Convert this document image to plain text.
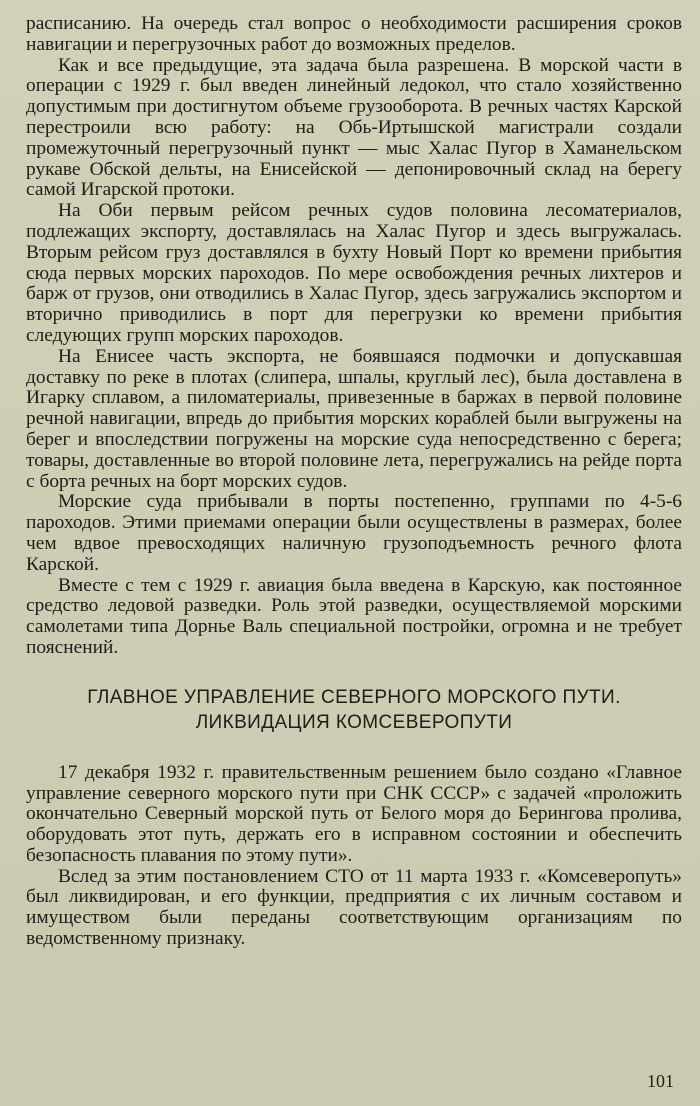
расписанию. На очередь стал вопрос о необходимости расширения сроков навигации и перегрузочных работ до возможных пределов.

Как и все предыдущие, эта задача была разрешена. В морской части в операции с 1929 г. был введен линейный ледокол, что стало хозяйственно допустимым при достигнутом объеме грузооборота. В речных частях Карской перестроили всю работу: на Обь-Иртышской магистрали создали промежуточный перегрузочный пункт — мыс Халас Пугор в Хаманельском рукаве Обской дельты, на Енисейской — депонировочный склад на берегу самой Игарской протоки.

На Оби первым рейсом речных судов половина лесоматериалов, подлежащих экспорту, доставлялась на Халас Пугор и здесь выгружалась. Вторым рейсом груз доставлялся в бухту Новый Порт ко времени прибытия сюда первых морских пароходов. По мере освобождения речных лихтеров и барж от грузов, они отводились в Халас Пугор, здесь загружались экспортом и вторично приводились в порт для перегрузки ко времени прибытия следующих групп морских пароходов.

На Енисее часть экспорта, не боявшаяся подмочки и допускавшая доставку по реке в плотах (слипера, шпалы, круглый лес), была доставлена в Игарку сплавом, а пиломатериалы, привезенные в баржах в первой половине речной навигации, впредь до прибытия морских кораблей были выгружены на берег и впоследствии погружены на морские суда непосредственно с берега; товары, доставленные во второй половине лета, перегружались на рейде порта с борта речных на борт морских судов.

Морские суда прибывали в порты постепенно, группами по 4-5-6 пароходов. Этими приемами операции были осуществлены в размерах, более чем вдвое превосходящих наличную грузоподъемность речного флота Карской.

Вместе с тем с 1929 г. авиация была введена в Карскую, как постоянное средство ледовой разведки. Роль этой разведки, осуществляемой морскими самолетами типа Дорнье Валь специальной постройки, огромна и не требует пояснений.

ГЛАВНОЕ УПРАВЛЕНИЕ СЕВЕРНОГО МОРСКОГО ПУТИ.
ЛИКВИДАЦИЯ КОМСЕВЕРОПУТИ

17 декабря 1932 г. правительственным решением было создано «Главное управление северного морского пути при СНК СССР» с задачей «проложить окончательно Северный морской путь от Белого моря до Берингова пролива, оборудовать этот путь, держать его в исправном состоянии и обеспечить безопасность плавания по этому пути».

Вслед за этим постановлением СТО от 11 марта 1933 г. «Комсеверопуть» был ликвидирован, и его функции, предприятия с их личным составом и имуществом были переданы соответствующим организациям по ведомственному признаку.

101
